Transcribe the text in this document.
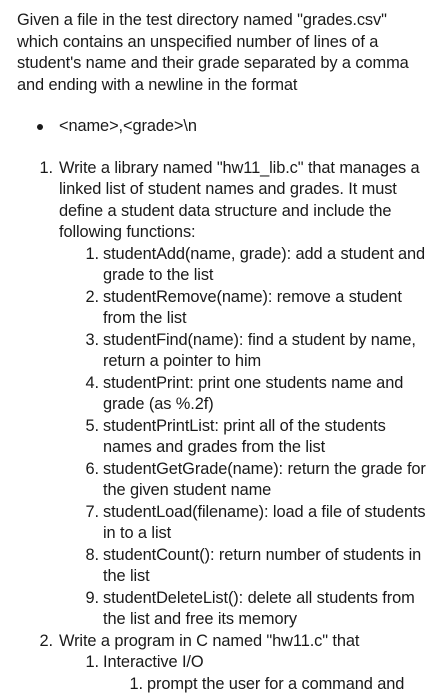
Given a file in the test directory named "grades.csv" which contains an unspecified number of lines of a student's name and their grade separated by a comma and ending with a newline in the format

<name>,<grade>\n
1. Write a library named "hw11_lib.c" that manages a linked list of student names and grades. It must define a student data structure and include the following functions:
1. studentAdd(name, grade): add a student and grade to the list
2. studentRemove(name): remove a student from the list
3. studentFind(name): find a student by name, return a pointer to him
4. studentPrint: print one students name and grade (as %.2f)
5. studentPrintList: print all of the students names and grades from the list
6. studentGetGrade(name): return the grade for the given student name
7. studentLoad(filename): load a file of students in to a list
8. studentCount(): return number of students in the list
9. studentDeleteList(): delete all students from the list and free its memory
2. Write a program in C named "hw11.c" that
1. Interactive I/O
1. prompt the user for a command and
